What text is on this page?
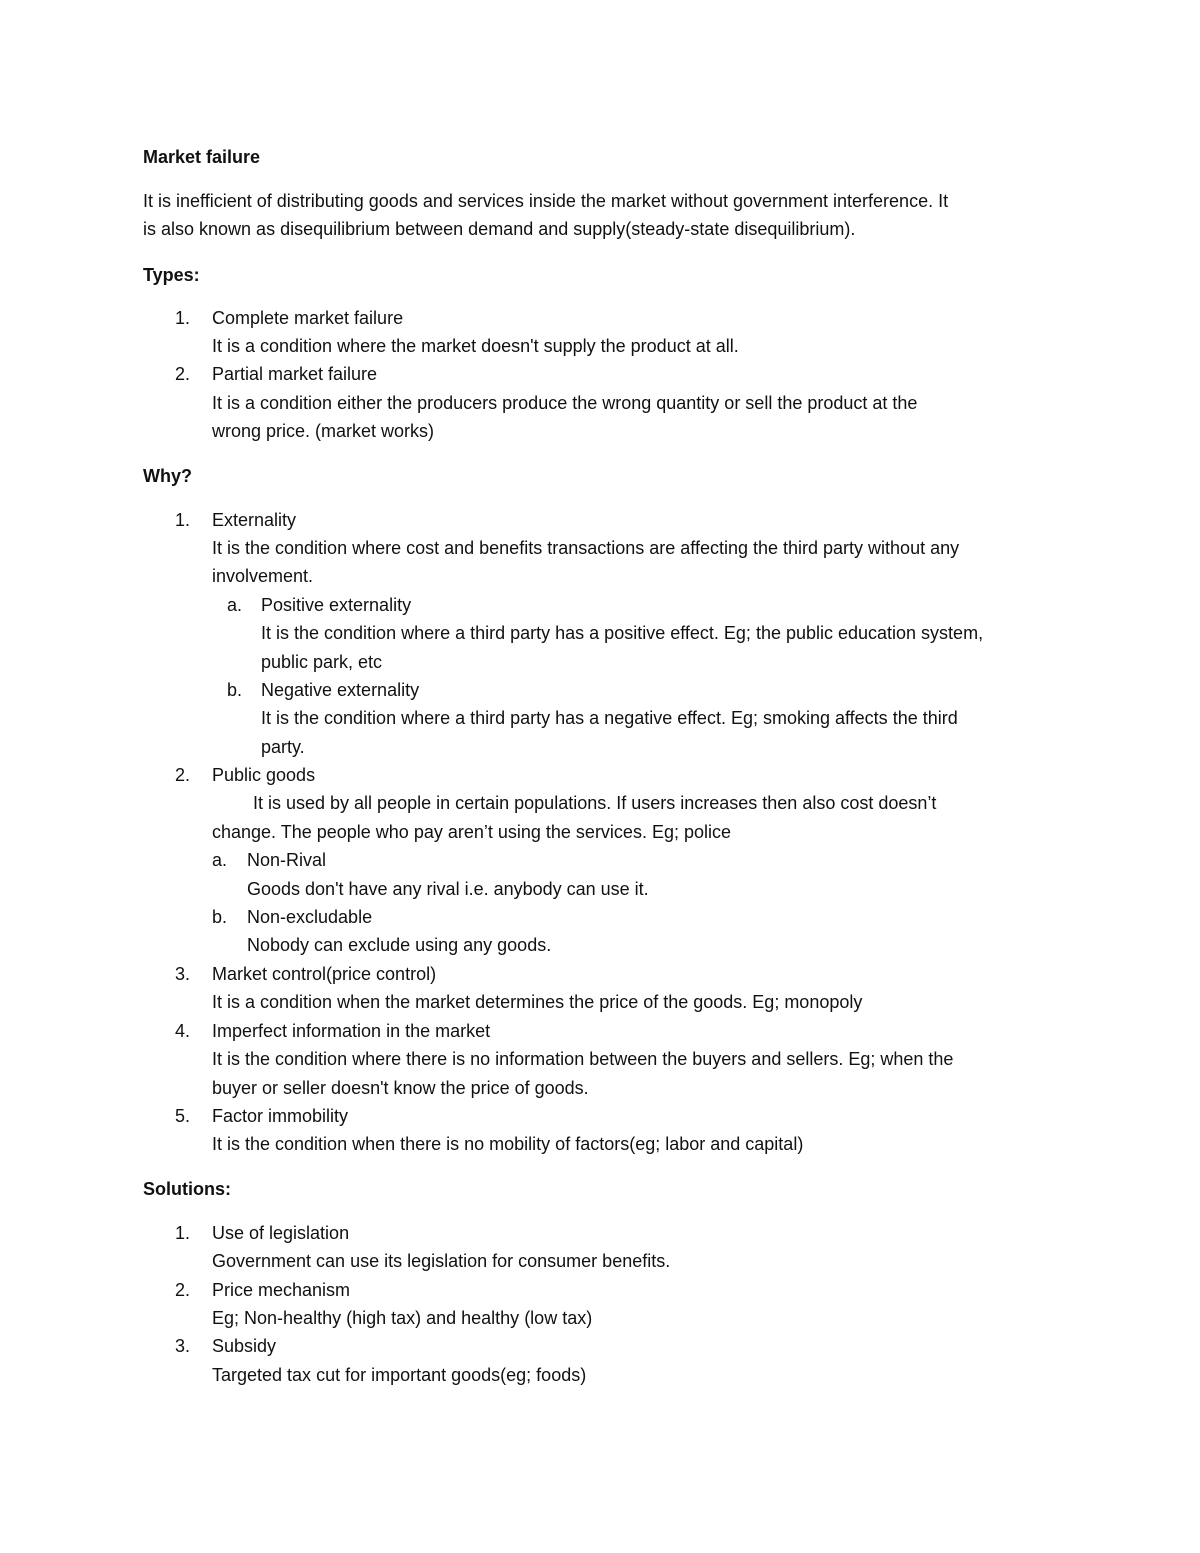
Market failure
It is inefficient of distributing goods and services inside the market without government interference. It
is also known as disequilibrium between demand and supply(steady-state disequilibrium).
Types:
1. Complete market failure
It is a condition where the market doesn't supply the product at all.
2. Partial market failure
It is a condition either the producers produce the wrong quantity or sell the product at the
wrong price. (market works)
Why?
1. Externality
It is the condition where cost and benefits transactions are affecting the third party without any
involvement.
a. Positive externality
It is the condition where a third party has a positive effect. Eg; the public education system,
public park, etc
b. Negative externality
It is the condition where a third party has a negative effect. Eg; smoking affects the third
party.
2. Public goods
It is used by all people in certain populations. If users increases then also cost doesn’t
change. The people who pay aren’t using the services. Eg; police
a. Non-Rival
Goods don't have any rival i.e. anybody can use it.
b. Non-excludable
Nobody can exclude using any goods.
3. Market control(price control)
It is a condition when the market determines the price of the goods. Eg; monopoly
4. Imperfect information in the market
It is the condition where there is no information between the buyers and sellers. Eg; when the
buyer or seller doesn't know the price of goods.
5. Factor immobility
It is the condition when there is no mobility of factors(eg; labor and capital)
Solutions:
1. Use of legislation
Government can use its legislation for consumer benefits.
2. Price mechanism
Eg; Non-healthy (high tax) and healthy (low tax)
3. Subsidy
Targeted tax cut for important goods(eg; foods)
